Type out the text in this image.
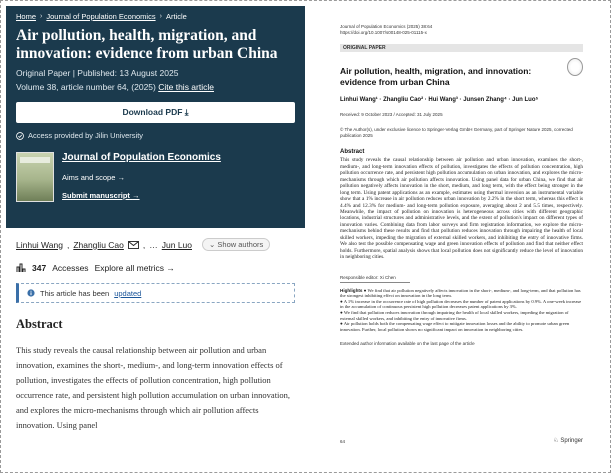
Home › Journal of Population Economics › Article
Air pollution, health, migration, and innovation: evidence from urban China
Original Paper | Published: 13 August 2025
Volume 38, article number 64, (2025) Cite this article
Download PDF ⤓
Access provided by Jilin University
Journal of Population Economics
Aims and scope →
Submit manuscript →
Linhui Wang , Zhangliu Cao , … Jun Luo	⌄ Show authors
347 Accesses Explore all metrics →
This article has been updated
Abstract
This study reveals the causal relationship between air pollution and urban innovation, examines the short-, medium-, and long-term innovation effects of pollution, investigates the effects of pollution concentration, high pollution occurrence rate, and persistent high pollution accumulation on urban innovation, and explores the micro-mechanisms through which air pollution affects innovation. Using panel
Journal of Population Economics (2025) 38:64
https://doi.org/10.1007/s00148-025-01115-x
ORIGINAL PAPER
Air pollution, health, migration, and innovation: evidence from urban China
Linhui Wang¹ · Zhangliu Cao² · Hui Wang³ · Junsen Zhang⁴ · Jun Luo⁵
Received: 9 October 2023 / Accepted: 31 July 2025
© The Author(s), under exclusive licence to Springer-Verlag GmbH Germany, part of Springer Nature 2025, corrected publication 2025
Abstract
This study reveals the causal relationship between air pollution and urban innovation, examines the short-, medium-, and long-term innovation effects of pollution, investigates the effects of pollution concentration, high pollution occurrence rate, and persistent high pollution accumulation on urban innovation, and explores the micro-mechanisms through which air pollution affects innovation. Using panel data for urban China, we find that air pollution negatively affects innovation in the short, medium, and long term, with the effect being stronger in the long term. Using patent applications as an example, estimates using thermal inversion as an instrumental variable show that a 1% increase in air pollution reduces urban innovation by 2.2% in the short term, whereas this effect is 4.4% and 12.3% for medium- and long-term pollution exposure, averaging about 2 and 5.5 times, respectively. Meanwhile, the impact of pollution on innovation is heterogeneous across cities with different geographic locations, industrial structures and administrative levels, and the extent of pollution's impact on different types of innovation varies. Combining data from labor surveys and firm registration information, we explore the micro-mechanisms behind these results and find that pollution reduces innovation through impairing the health of local skilled workers, impeding the migration of external skilled workers, and inhibiting the entry of innovative firms. We also test the possible compensating wage and green innovation effects of pollution and find that neither effect holds. Furthermore, spatial analysis shows that local pollution does not significantly reduce the level of innovation in neighboring cities.
Responsible editor: Xi Chen
Highlights ● We find that air pollution negatively affects innovation in the short-, medium-, and long-term, and that pollution has the strongest inhibiting effect on innovation in the long term.
● A 1% increase in the occurrence rate of high pollution decreases the number of patent applications by 0.9%. A one-week increase in the accumulation of continuous persistent high pollution decreases patent applications by 3%.
● We find that pollution reduces innovation through impairing the health of local skilled workers, impeding the migration of external skilled workers, and inhibiting the entry of innovative firms.
● Air pollution holds both the compensating wage effect to mitigate innovation losses and the ability to promote urban green innovation. Further, local pollution shows no significant impact on innovation in neighboring cities.
Extended author information available on the last page of the article
64	♘ Springer
